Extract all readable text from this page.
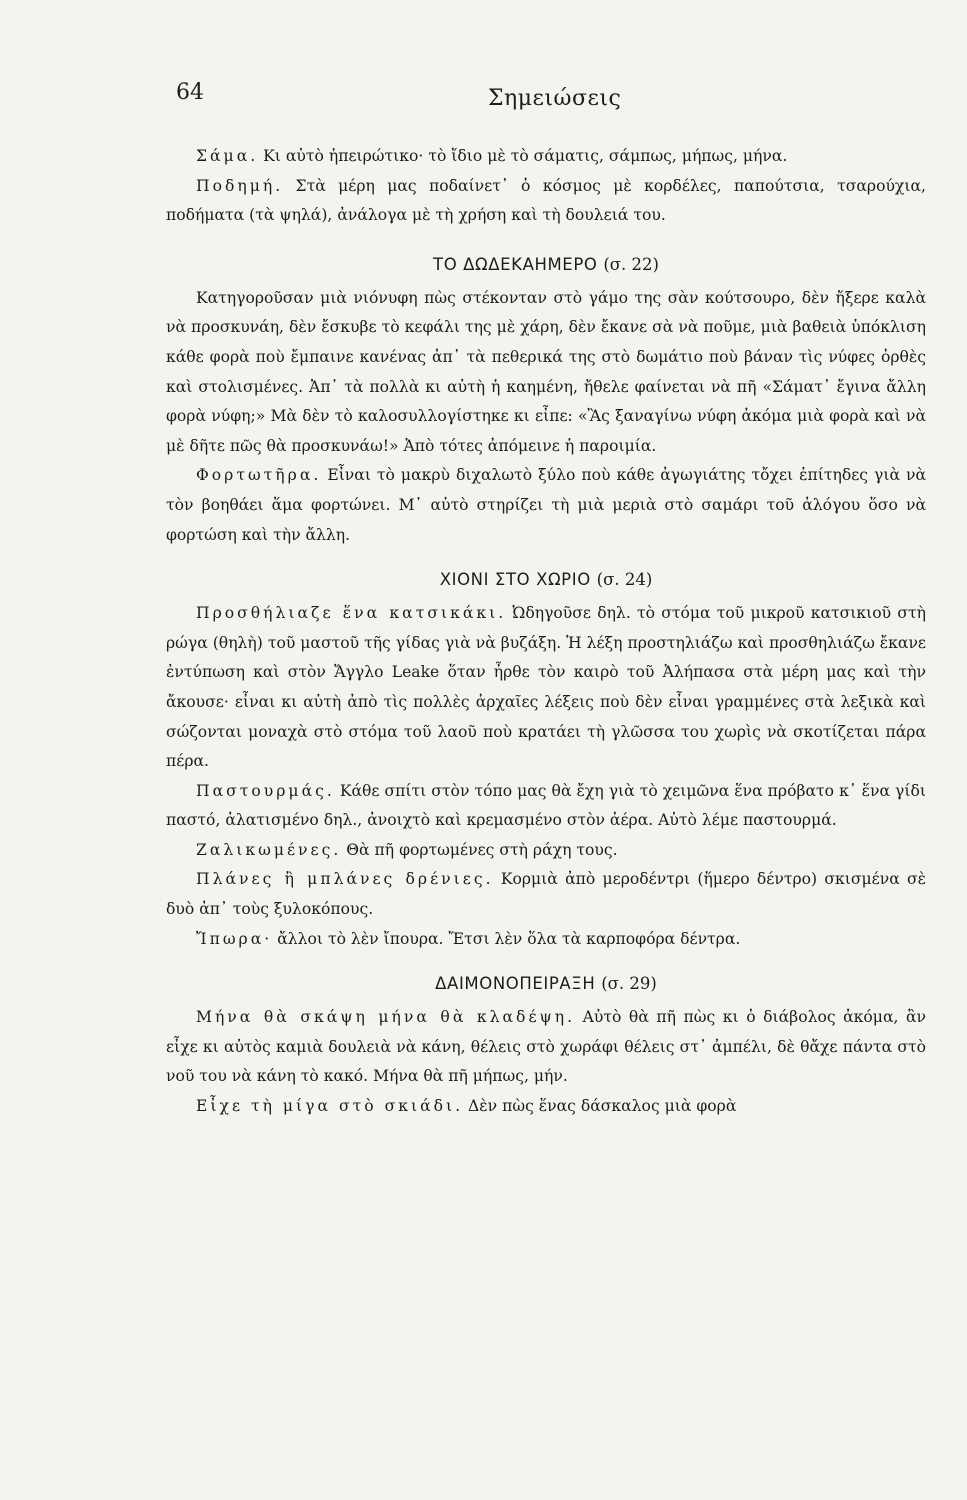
64	Σημειώσεις

Σάμα. Κι αὐτὸ ἠπειρώτικο· τὸ ἴδιο μὲ τὸ σάματις, σάμπως, μήπως, μήνα.

Ποδημή. Στὰ μέρη μας ποδαίνετ᾽ ὁ κόσμος μὲ κορδέλες, παπούτσια, τσαρούχια, ποδήματα (τὰ ψηλά), ἀνάλογα μὲ τὴ χρήση καὶ τὴ δουλειά του.

ΤΟ ΔΩΔΕΚΑΗΜΕΡΟ (σ. 22)

Κατηγοροῦσαν μιὰ νιόνυφη πὼς στέκονταν στὸ γάμο της σὰν κούτσουρο, δὲν ἤξερε καλὰ νὰ προσκυνάη, δὲν ἔσκυβε τὸ κεφάλι της μὲ χάρη, δὲν ἔκανε σὰ νὰ ποῦμε, μιὰ βαθειὰ ὑπόκλιση κάθε φορὰ ποὺ ἔμπαινε κανένας ἀπ᾽ τὰ πεθερικά της στὸ δωμάτιο ποὺ βάναν τὶς νύφες ὀρθὲς καὶ στολισμένες. Ἀπ᾽ τὰ πολλὰ κι αὐτὴ ἡ καημένη, ἤθελε φαίνεται νὰ πῆ «Σάματ᾽ ἔγινα ἄλλη φορὰ νύφη;» Μὰ δὲν τὸ καλοσυλλογίστηκε κι εἶπε: «Ἂς ξαναγίνω νύφη ἀκόμα μιὰ φορὰ καὶ νὰ μὲ δῆτε πῶς θὰ προσκυνάω!» Ἀπὸ τότες ἀπόμεινε ἡ παροιμία.

Φορτωτῆρα. Εἶναι τὸ μακρὺ διχαλωτὸ ξύλο ποὺ κάθε ἀγωγιάτης τὄχει ἐπίτηδες γιὰ νὰ τὸν βοηθάει ἅμα φορτώνει. Μ᾽ αὐτὸ στηρίζει τὴ μιὰ μεριὰ στὸ σαμάρι τοῦ ἀλόγου ὅσο νὰ φορτώση καὶ τὴν ἄλλη.

ΧΙΟΝΙ ΣΤΟ ΧΩΡΙΟ (σ. 24)

Προσθήλιαζε ἕνα κατσικάκι. Ὠδηγοῦσε δηλ. τὸ στόμα τοῦ μικροῦ κατσικιοῦ στὴ ρώγα (θηλὴ) τοῦ μαστοῦ τῆς γίδας γιὰ νὰ βυζάξη. Ἡ λέξη προστηλιάζω καὶ προσθηλιάζω ἔκανε ἐντύπωση καὶ στὸν Ἄγγλο Leake ὅταν ἦρθε τὸν καιρὸ τοῦ Ἀλήπασα στὰ μέρη μας καὶ τὴν ἄκουσε· εἶναι κι αὐτὴ ἀπὸ τὶς πολλὲς ἀρχαῖες λέξεις ποὺ δὲν εἶναι γραμμένες στὰ λεξικὰ καὶ σώζονται μοναχὰ στὸ στόμα τοῦ λαοῦ ποὺ κρατάει τὴ γλῶσσα του χωρὶς νὰ σκοτίζεται πάρα πέρα.

Παστουρμάς. Κάθε σπίτι στὸν τόπο μας θὰ ἔχη γιὰ τὸ χειμῶνα ἕνα πρόβατο κ᾽ ἕνα γίδι παστό, ἁλατισμένο δηλ., ἀνοιχτὸ καὶ κρεμασμένο στὸν ἀέρα. Αὐτὸ λέμε παστουρμά.

Ζαλικωμένες. Θὰ πῆ φορτωμένες στὴ ράχη τους.

Πλάνες ἢ μπλάνες δρένιες. Κορμιὰ ἀπὸ μεροδέντρι (ἥμερο δέντρο) σκισμένα σὲ δυὸ ἀπ᾽ τοὺς ξυλοκόπους.

Ἴπωρα· ἄλλοι τὸ λὲν ἴπουρα. Ἔτσι λὲν ὅλα τὰ καρποφόρα δέντρα.

ΔΑΙΜΟΝΟΠΕΙΡΑΞΗ (σ. 29)

Μήνα θὰ σκάψη μήνα θὰ κλαδέψη. Αὐτὸ θὰ πῆ πὼς κι ὁ διάβολος ἀκόμα, ἂν εἶχε κι αὐτὸς καμιὰ δουλειὰ νὰ κάνη, θέλεις στὸ χωράφι θέλεις στ᾽ ἀμπέλι, δὲ θἄχε πάντα στὸ νοῦ του νὰ κάνη τὸ κακό. Μήνα θὰ πῆ μήπως, μήν.

Εἶχε τὴ μίγα στὸ σκιάδι. Δὲν πὼς ἕνας δάσκαλος μιὰ φορὰ
